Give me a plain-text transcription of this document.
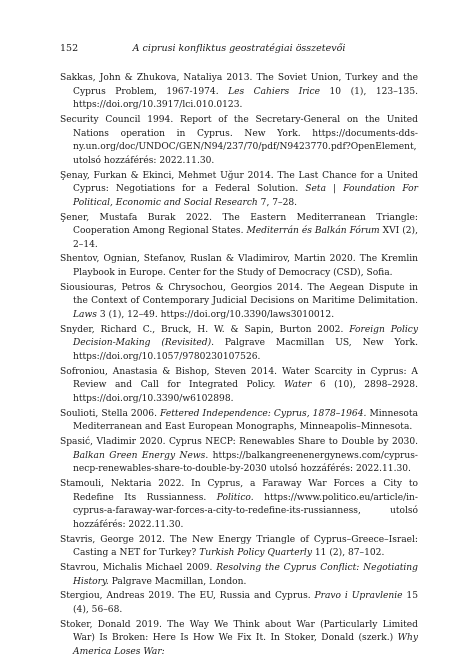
152	A ciprusi konfliktus geostratégiai összetevői
Sakkas, John & Zhukova, Nataliya 2013. The Soviet Union, Turkey and the Cyprus Problem, 1967-1974. Les Cahiers Irice 10 (1), 123–135. https://doi.org/10.3917/lci.010.0123.
Security Council 1994. Report of the Secretary-General on the United Nations operation in Cyprus. New York. https://documents-dds-ny.un.org/doc/UNDOC/GEN/N94/237/70/pdf/N9423770.pdf?OpenElement, utolsó hozzáférés: 2022.11.30.
Şenay, Furkan & Ekinci, Mehmet Uğur 2014. The Last Chance for a United Cyprus: Negotiations for a Federal Solution. Seta | Foundation For Political, Economic and Social Research 7, 7–28.
Şener, Mustafa Burak 2022. The Eastern Mediterranean Triangle: Cooperation Among Regional States. Mediterrán és Balkán Fórum XVI (2), 2–14.
Shentov, Ognian, Stefanov, Ruslan & Vladimirov, Martin 2020. The Kremlin Playbook in Europe. Center for the Study of Democracy (CSD), Sofia.
Siousiouras, Petros & Chrysochou, Georgios 2014. The Aegean Dispute in the Context of Contemporary Judicial Decisions on Maritime Delimitation. Laws 3 (1), 12–49. https://doi.org/10.3390/laws3010012.
Snyder, Richard C., Bruck, H. W. & Sapin, Burton 2002. Foreign Policy Decision-Making (Revisited). Palgrave Macmillan US, New York. https://doi.org/10.1057/9780230107526.
Sofroniou, Anastasia & Bishop, Steven 2014. Water Scarcity in Cyprus: A Review and Call for Integrated Policy. Water 6 (10), 2898–2928. https://doi.org/10.3390/w6102898.
Soulioti, Stella 2006. Fettered Independence: Cyprus, 1878–1964. Minnesota Mediterranean and East European Monographs, Minneapolis–Minnesota.
Spasić, Vladimir 2020. Cyprus NECP: Renewables Share to Double by 2030. Balkan Green Energy News. https://balkangreenenergynews.com/cyprus-necp-renewables-share-to-double-by-2030 utolsó hozzáférés: 2022.11.30.
Stamouli, Nektaria 2022. In Cyprus, a Faraway War Forces a City to Redefine Its Russianness. Politico. https://www.politico.eu/article/in-cyprus-a-faraway-war-forces-a-city-to-redefine-its-russianness, utolsó hozzáférés: 2022.11.30.
Stavris, George 2012. The New Energy Triangle of Cyprus–Greece–Israel: Casting a NET for Turkey? Turkish Policy Quarterly 11 (2), 87–102.
Stavrou, Michalis Michael 2009. Resolving the Cyprus Conflict: Negotiating History. Palgrave Macmillan, London.
Stergiou, Andreas 2019. The EU, Russia and Cyprus. Pravo i Upravlenie 15 (4), 56–68.
Stoker, Donald 2019. The Way We Think about War (Particularly Limited War) Is Broken: Here Is How We Fix It. In Stoker, Donald (szerk.) Why America Loses War:
